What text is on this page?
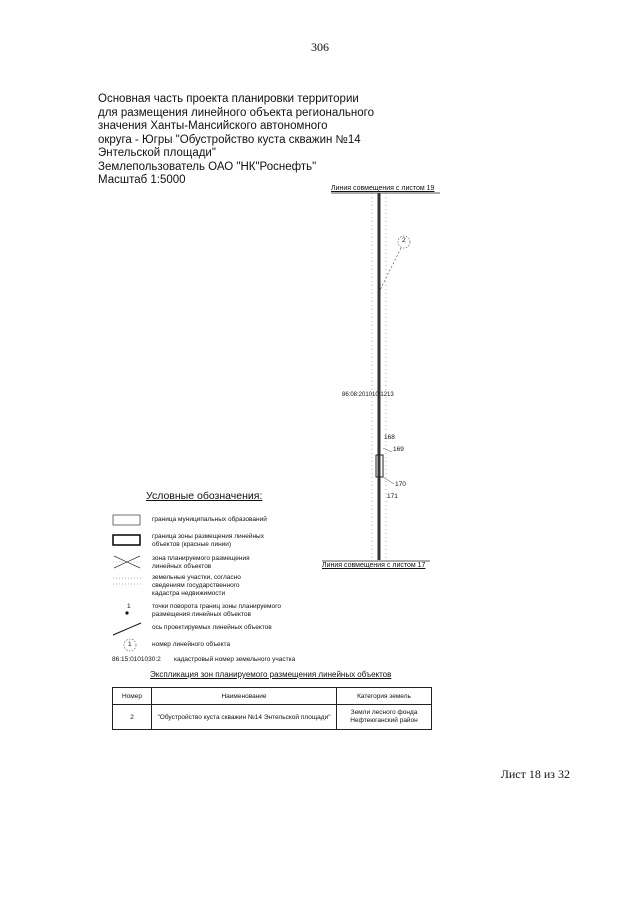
306
Основная часть проекта планировки территории
для размещения линейного объекта регионального
значения Ханты-Мансийского автономного
округа - Югры "Обустройство куста скважин №14
Энтельской площади"
Землепользователь ОАО "НК"Роснефть"
Масштаб 1:5000
Линия совмещения с листом 19
Линия совмещения с листом 17
2
86:08:201010:1213
168
169
170
171
Условные обозначения:
граница муниципальных образований
граница зоны размещения линейных
объектов (красные линии)
зона планируемого размещения
линейных объектов
земельные участки, согласно
сведениям государственного
кадастра недвижимости
1	точки поворота границ зоны планируемого
размещения линейных объектов
ось проектируемых линейных объектов
1	номер линейного объекта
86:15:0101030:2 кадастровый номер земельного участка
Экспликация зон планируемого размещения линейных объектов
Номер	Наименование	Категория земель
2	"Обустройство куста скважин №14 Энтельской площади"	Земли лесного фонда
Нефтеюганский район
Лист 18 из 32
